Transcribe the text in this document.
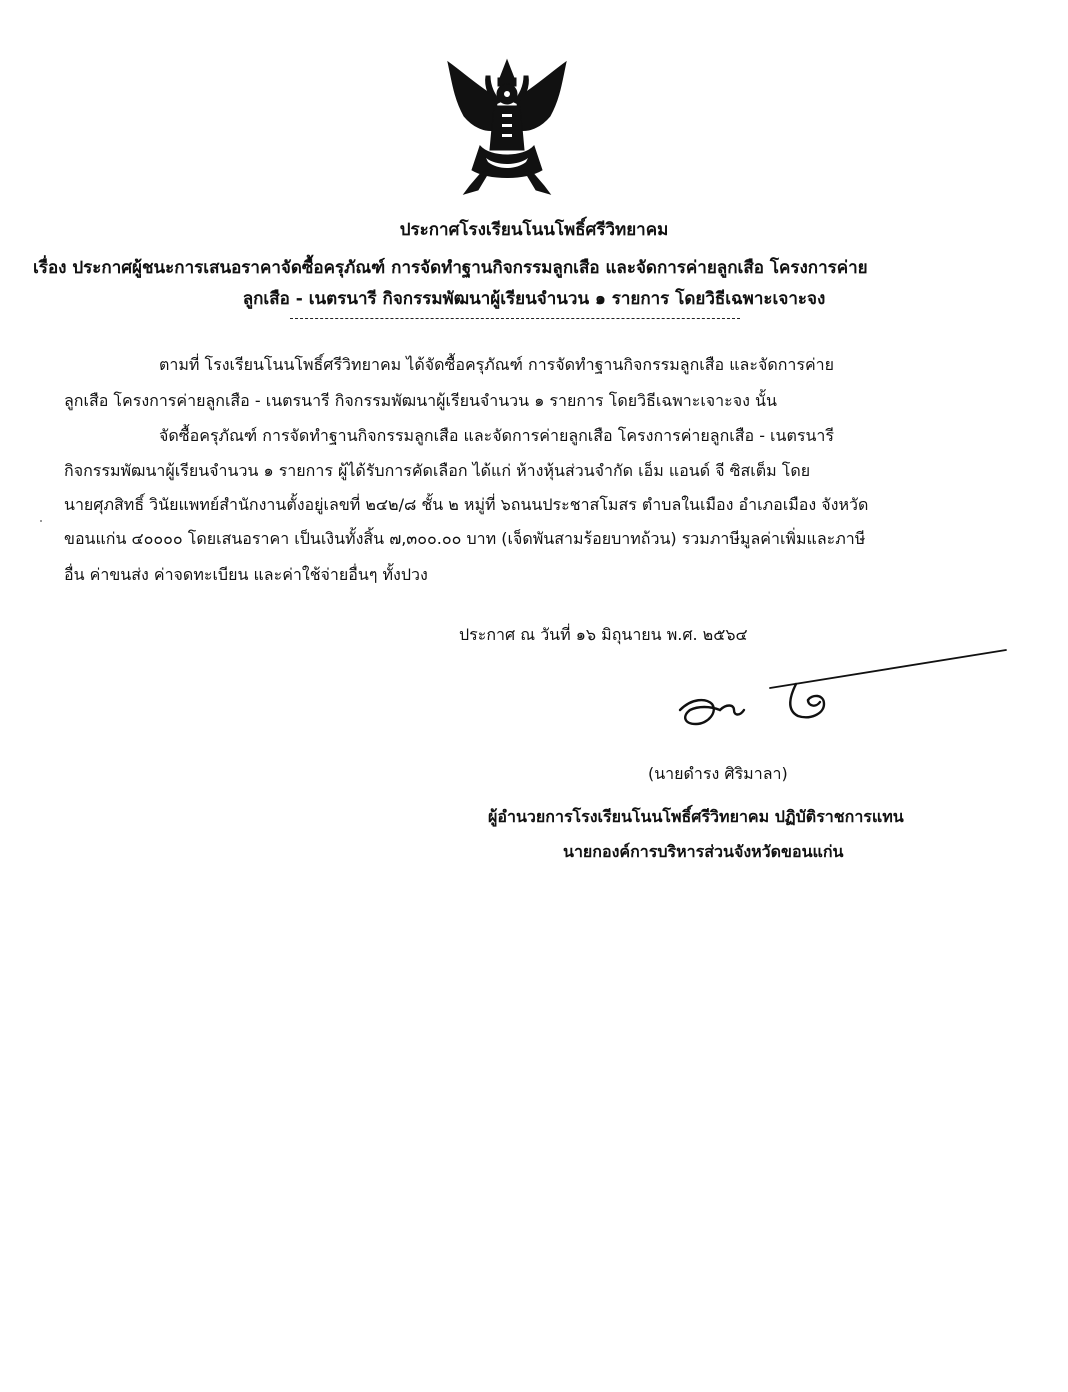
ประกาศโรงเรียนโนนโพธิ์ศรีวิทยาคม
เรื่อง ประกาศผู้ชนะการเสนอราคาจัดซื้อครุภัณฑ์ การจัดทำฐานกิจกรรมลูกเสือ และจัดการค่ายลูกเสือ โครงการค่าย
ลูกเสือ - เนตรนารี กิจกรรมพัฒนาผู้เรียนจำนวน ๑ รายการ โดยวิธีเฉพาะเจาะจง
ตามที่ โรงเรียนโนนโพธิ์ศรีวิทยาคม ได้จัดซื้อครุภัณฑ์ การจัดทำฐานกิจกรรมลูกเสือ และจัดการค่าย
ลูกเสือ โครงการค่ายลูกเสือ - เนตรนารี กิจกรรมพัฒนาผู้เรียนจำนวน ๑ รายการ โดยวิธีเฉพาะเจาะจง นั้น
จัดซื้อครุภัณฑ์ การจัดทำฐานกิจกรรมลูกเสือ และจัดการค่ายลูกเสือ โครงการค่ายลูกเสือ - เนตรนารี
กิจกรรมพัฒนาผู้เรียนจำนวน ๑ รายการ ผู้ได้รับการคัดเลือก ได้แก่ ห้างหุ้นส่วนจำกัด เอ็ม แอนด์ จี ซิสเต็ม โดย
นายศุภสิทธิ์ วินัยแพทย์สำนักงานตั้งอยู่เลขที่ ๒๔๒/๘ ชั้น ๒ หมู่ที่ ๖ถนนประชาสโมสร ตำบลในเมือง อำเภอเมือง จังหวัด
ขอนแก่น ๔๐๐๐๐ โดยเสนอราคา เป็นเงินทั้งสิ้น ๗,๓๐๐.๐๐ บาท (เจ็ดพันสามร้อยบาทถ้วน) รวมภาษีมูลค่าเพิ่มและภาษี
อื่น ค่าขนส่ง ค่าจดทะเบียน และค่าใช้จ่ายอื่นๆ ทั้งปวง
ประกาศ ณ วันที่ ๑๖ มิถุนายน พ.ศ. ๒๕๖๔
(นายดำรง ศิริมาลา)
ผู้อำนวยการโรงเรียนโนนโพธิ์ศรีวิทยาคม ปฏิบัติราชการแทน
นายกองค์การบริหารส่วนจังหวัดขอนแก่น
